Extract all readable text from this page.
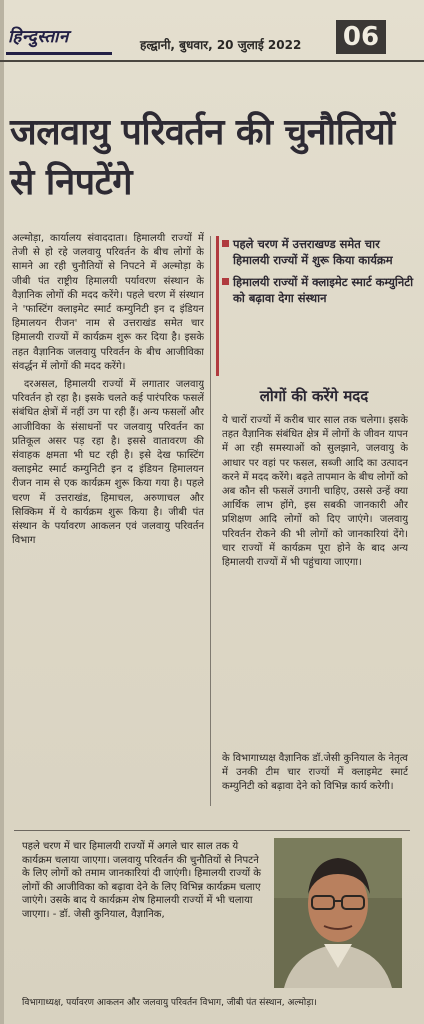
हिन्दुस्तान	हल्द्वानी, बुधवार, 20 जुलाई 2022 06
जलवायु परिवर्तन की चुनौतियों से निपटेंगे

अल्मोड़ा, कार्यालय संवाददाता। हिमालयी राज्यों में तेजी से हो रहे जलवायु परिवर्तन के बीच लोगों के सामने आ रही चुनौतियों से निपटने में अल्मोड़ा के जीबी पंत राष्ट्रीय हिमालयी पर्यावरण संस्थान के वैज्ञानिक लोगों की मदद करेंगे। पहले चरण में संस्थान ने 'फास्टिंग क्लाइमेट स्मार्ट कम्युनिटी इन द इंडियन हिमालयन रीजन' नाम से उत्तराखंड समेत चार हिमालयी राज्यों में कार्यक्रम शुरू कर दिया है। इसके तहत वैज्ञानिक जलवायु परिवर्तन के बीच आजीविका संवर्द्धन में लोगों की मदद करेंगे।

दरअसल, हिमालयी राज्यों में लगातार जलवायु परिवर्तन हो रहा है। इसके चलते कई पारंपरिक फसलें संबंधित क्षेत्रों में नहीं उग पा रही हैं। अन्य फसलों और आजीविका के संसाधनों पर जलवायु परिवर्तन का प्रतिकूल असर पड़ रहा है। इससे वातावरण की संवाहक क्षमता भी घट रही है। इसे देख फास्टिंग क्लाइमेट स्मार्ट कम्युनिटी इन द इंडियन हिमालयन रीजन नाम से एक कार्यक्रम शुरू किया गया है। पहले चरण में उत्तराखंड, हिमाचल, अरुणाचल और सिक्किम में ये कार्यक्रम शुरू किया है। जीबी पंत संस्थान के पर्यावरण आकलन एवं जलवायु परिवर्तन विभाग

पहले चरण में उत्तराखण्ड समेत चार हिमालयी राज्यों में शुरू किया कार्यक्रम
हिमालयी राज्यों में क्लाइमेट स्मार्ट कम्युनिटी को बढ़ावा देगा संस्थान
लोगों की करेंगे मदद

ये चारों राज्यों में करीब चार साल तक चलेगा। इसके तहत वैज्ञानिक संबंधित क्षेत्र में लोगों के जीवन यापन में आ रही समस्याओं को सुलझाने, जलवायु के आधार पर वहां पर फसल, सब्जी आदि का उत्पादन करने में मदद करेंगे। बढ़ते तापमान के बीच लोगों को अब कौन सी फसलें उगानी चाहिए, उससे उन्हें क्या आर्थिक लाभ होंगे, इस सबकी जानकारी और प्रशिक्षण आदि लोगों को दिए जाएंगे। जलवायु परिवर्तन रोकने की भी लोगों को जानकारियां देंगे। चार राज्यों में कार्यक्रम पूरा होने के बाद अन्य हिमालयी राज्यों में भी पहुंचाया जाएगा।

के विभागाध्यक्ष वैज्ञानिक डॉ.जेसी कुनियाल के नेतृत्व में उनकी टीम चार राज्यों में क्लाइमेट स्मार्ट कम्युनिटी को बढ़ावा देने को विभिन्न कार्य करेगी।

पहले चरण में चार हिमालयी राज्यों में अगले चार साल तक ये कार्यक्रम चलाया जाएगा। जलवायु परिवर्तन की चुनौतियों से निपटने के लिए लोगों को तमाम जानकारियां दी जाएंगी। हिमालयी राज्यों के लोगों की आजीविका को बढ़ावा देने के लिए विभिन्न कार्यक्रम चलाए जाएंगे। उसके बाद ये कार्यक्रम शेष हिमालयी राज्यों में भी चलाया जाएगा। - डॉ. जेसी कुनियाल, वैज्ञानिक,
विभागाध्यक्ष, पर्यावरण आकलन और जलवायु परिवर्तन विभाग, जीबी पंत संस्थान, अल्मोड़ा।
